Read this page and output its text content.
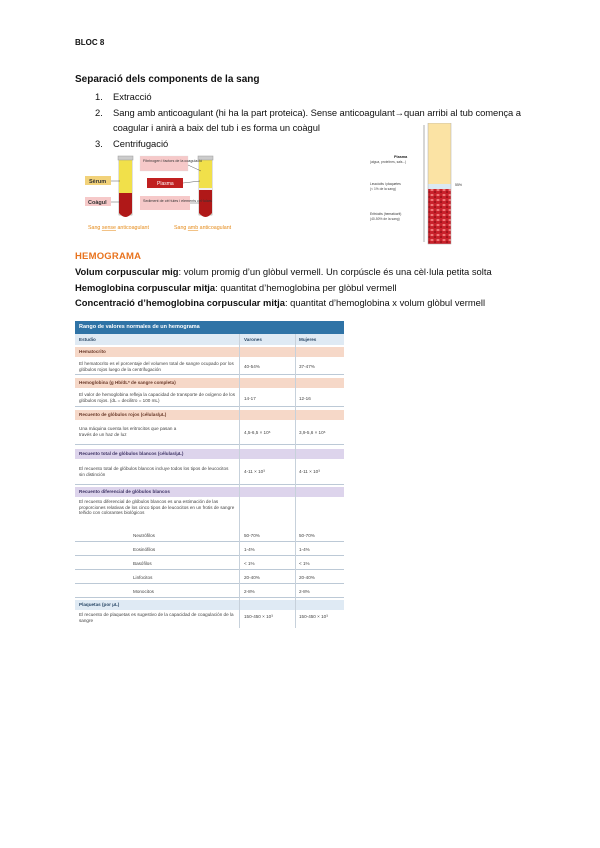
BLOC 8
Separació dels components de la sang
1.	Extracció
2.	Sang amb anticoagulant (hi ha la part proteica). Sense anticoagulant→quan arribi al tub comença a coagular i anirà a baix del tub i es forma un coàgul
3.	Centrifugació
Sèrum
Coàgul
Fibrinogen i factors de la coagulació
Plasma
Sediment de cèl·lules i elements cel·lulars
Sang sense anticoagulant	Sang amb anticoagulant
Plasma
(aigua, proteïnes, sals...)
Leucòcits i plaquetes
(< 1% de la sang)
Eritròcits (hematòcrit)
(40-50% de la sang)
55%
HEMOGRAMA
Volum corpuscular mig: volum promig d’un glòbul vermell. Un corpúscle és una cèl·lula petita solta
Hemoglobina corpuscular mitja: quantitat d’hemoglobina per glòbul vermell
Concentració d’hemoglobina corpuscular mitja: quantitat d’hemoglobina x volum glòbul vermell
Rango de valores normales de un hemograma
Estudio	Varones	Mujeres
Hematocrito
El hematocrito es el porcentaje del volumen total de sangre ocupado por los glóbulos rojos luego de la centrifugación
40-54%	37-47%
Hemoglobina (g Hb/dL* de sangre completa)
El valor de hemoglobina refleja la capacidad de transporte de oxígeno de los glóbulos rojos. (dL = decilitro = 100 mL)	14-17	12-16
Recuento de glóbulos rojos (células/μL)
Una máquina cuenta los eritrocitos que pasan a través de un haz de luz	4,5-6,5 × 10⁶	3,9-5,6 × 10⁶
Recuento total de glóbulos blancos (células/μL)
El recuento total de glóbulos blancos incluye todos los tipos de leucocitos sin distinción
4-11 × 10³	4-11 × 10³
Recuento diferencial de glóbulos blancos
El recuento diferencial de glóbulos blancos es una estimación de las proporciones relativas de los cinco tipos de leucocitos en un frotis de sangre teñido con colorantes biológicos
Neutrófilos	50-70%	50-70%
Eosinófilos	1-4%	1-4%
Basófilos	< 1%	< 1%
Linfocitos	20-40%	20-40%
Monocitos	2-8%	2-8%
Plaquetas (por μL)
El recuento de plaquetas es sugestivo de la capacidad de coagulación de la sangre
150-450 × 10³	150-450 × 10³
